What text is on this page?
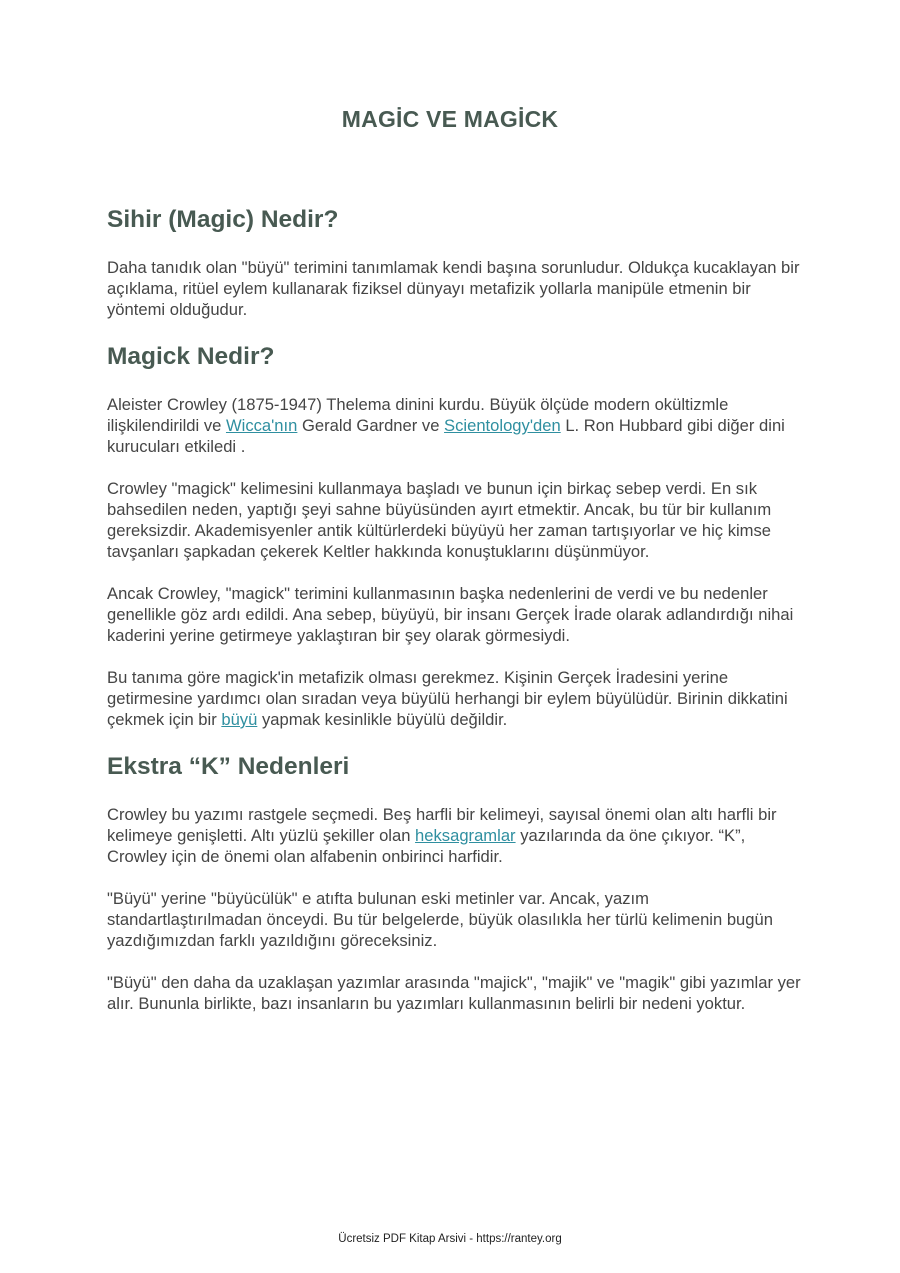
MAGİC VE MAGİCK
Sihir (Magic) Nedir?

Daha tanıdık olan "büyü" terimini tanımlamak kendi başına sorunludur. Oldukça kucaklayan bir açıklama, ritüel eylem kullanarak fiziksel dünyayı metafizik yollarla manipüle etmenin bir yöntemi olduğudur.

Magick Nedir?

Aleister Crowley (1875-1947) Thelema dinini kurdu. Büyük ölçüde modern okültizmle ilişkilendirildi ve Wicca'nın Gerald Gardner ve Scientology'den L. Ron Hubbard gibi diğer dini kurucuları etkiledi .

Crowley "magick" kelimesini kullanmaya başladı ve bunun için birkaç sebep verdi. En sık bahsedilen neden, yaptığı şeyi sahne büyüsünden ayırt etmektir. Ancak, bu tür bir kullanım gereksizdir. Akademisyenler antik kültürlerdeki büyüyü her zaman tartışıyorlar ve hiç kimse tavşanları şapkadan çekerek Keltler hakkında konuştuklarını düşünmüyor.

Ancak Crowley, "magick" terimini kullanmasının başka nedenlerini de verdi ve bu nedenler genellikle göz ardı edildi. Ana sebep, büyüyü, bir insanı Gerçek İrade olarak adlandırdığı nihai kaderini yerine getirmeye yaklaştıran bir şey olarak görmesiydi.

Bu tanıma göre magick'in metafizik olması gerekmez. Kişinin Gerçek İradesini yerine getirmesine yardımcı olan sıradan veya büyülü herhangi bir eylem büyülüdür. Birinin dikkatini çekmek için bir büyü yapmak kesinlikle büyülü değildir.

Ekstra “K” Nedenleri

Crowley bu yazımı rastgele seçmedi. Beş harfli bir kelimeyi, sayısal önemi olan altı harfli bir kelimeye genişletti. Altı yüzlü şekiller olan heksagramlar yazılarında da öne çıkıyor. “K”, Crowley için de önemi olan alfabenin onbirinci harfidir.

"Büyü" yerine "büyücülük" e atıfta bulunan eski metinler var. Ancak, yazım standartlaştırılmadan önceydi. Bu tür belgelerde, büyük olasılıkla her türlü kelimenin bugün yazdığımızdan farklı yazıldığını göreceksiniz.

"Büyü" den daha da uzaklaşan yazımlar arasında "majick", "majik" ve "magik" gibi yazımlar yer alır. Bununla birlikte, bazı insanların bu yazımları kullanmasının belirli bir nedeni yoktur.

Ücretsiz PDF Kitap Arsivi - https://rantey.org
